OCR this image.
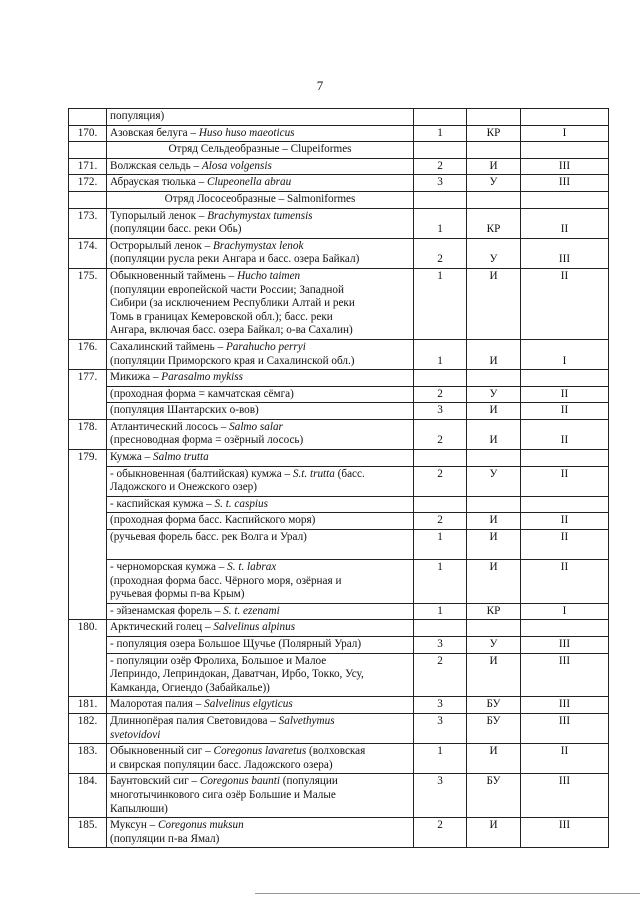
7

	популяция)			

170.	Азовская белуга – Huso huso maeoticus	1	КР	I
	Отряд Сельдеобразные – Clupeiformes			
171.	Волжская сельдь – Alosa volgensis	2	И	III
172.	Абрауская тюлька – Clupeonella abrau	3	У	III
	Отряд Лососеобразные – Salmoniformes			
173.	Тупорылый ленок – Brachymystax tumensis
(популяции басс. реки Обь)	1	КР	II
174.	Острорылый ленок – Brachymystax lenok
(популяции русла реки Ангара и басс. озера Байкал)	2	У	III
175.	Обыкновенный таймень – Hucho taimen
(популяции европейской части России; Западной
Сибири (за исключением Республики Алтай и реки
Томь в границах Кемеровской обл.); басс. реки
Ангара, включая басс. озера Байкал; о-ва Сахалин)	1	И	II
176.	Сахалинский таймень – Parahucho perryi
(популяции Приморского края и Сахалинской обл.)	1	И	I
177.	Микижа – Parasalmo mykiss			

	(проходная форма = камчатская сёмга)	2	У	II

	(популяция Шантарских о-вов)	3	И	II
178.	Атлантический лосось – Salmo salar
(пресноводная форма = озёрный лосось)	2	И	II
179.	Кумжа – Salmo trutta			

	- обыкновенная (балтийская) кумжа – S.t. trutta (басс.
Ладожского и Онежского озер)	2	У	II

	- каспийская кумжа – S. t. caspius			

	(проходная форма басс. Каспийского моря)	2	И	II

	(ручьевая форель басс. рек Волга и Урал)	1	И	II

	- черноморская кумжа – S. t. labrax
(проходная форма басс. Чёрного моря, озёрная и
ручьевая формы п-ва Крым)	1	И	II

	- эйзенамская форель – S. t. ezenami	1	КР	I
180.	Арктический голец – Salvelinus alpinus			

	- популяция озера Большое Щучье (Полярный Урал)	3	У	III

	- популяции озёр Фролиха, Большое и Малое
Леприндо, Леприндокан, Даватчан, Ирбо, Токко, Усу,
Камканда, Огиендо (Забайкалье))	2	И	III
181.	Малоротая палия – Salvelinus elgyticus	3	БУ	III
182.	Длиннопёрая палия Световидова – Salvethymus
svetovidovi	3	БУ	III
183.	Обыкновенный сиг – Coregonus lavaretus (волховская
и свирская популяции басс. Ладожского озера)	1	И	II
184.	Баунтовский сиг – Coregonus baunti (популяции
многотычинкового сига озёр Большие и Малые
Капылюши)	3	БУ	III
185.	Муксун – Coregonus muksun
(популяции п-ва Ямал)	2	И	III
